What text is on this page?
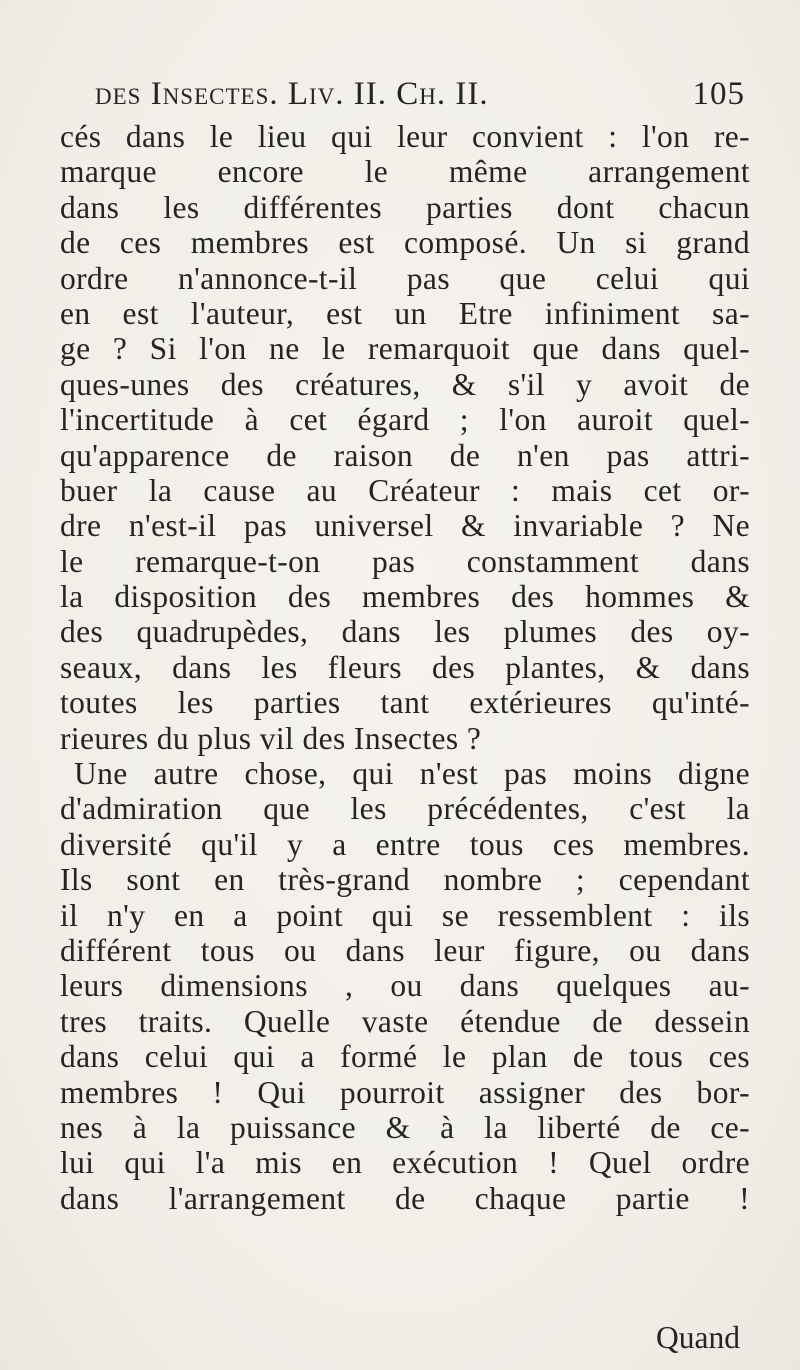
des Insectes. Liv. II. Ch. II.	105
cés dans le lieu qui leur convient : l'on re-
marque encore le même arrangement
dans les différentes parties dont chacun
de ces membres est composé. Un si grand
ordre n'annonce-t-il pas que celui qui
en est l'auteur, est un Etre infiniment sa-
ge ? Si l'on ne le remarquoit que dans quel-
ques-unes des créatures, & s'il y avoit de
l'incertitude à cet égard ; l'on auroit quel-
qu'apparence de raison de n'en pas attri-
buer la cause au Créateur : mais cet or-
dre n'est-il pas universel & invariable ? Ne
le remarque-t-on pas constamment dans
la disposition des membres des hommes &
des quadrupèdes, dans les plumes des oy-
seaux, dans les fleurs des plantes, & dans
toutes les parties tant extérieures qu'inté-
rieures du plus vil des Insectes ?
Une autre chose, qui n'est pas moins digne
d'admiration que les précédentes, c'est la
diversité qu'il y a entre tous ces membres.
Ils sont en très-grand nombre ; cependant
il n'y en a point qui se ressemblent : ils
différent tous ou dans leur figure, ou dans
leurs dimensions , ou dans quelques au-
tres traits. Quelle vaste étendue de dessein
dans celui qui a formé le plan de tous ces
membres ! Qui pourroit assigner des bor-
nes à la puissance & à la liberté de ce-
lui qui l'a mis en exécution ! Quel ordre
dans l'arrangement de chaque partie !
Quand
